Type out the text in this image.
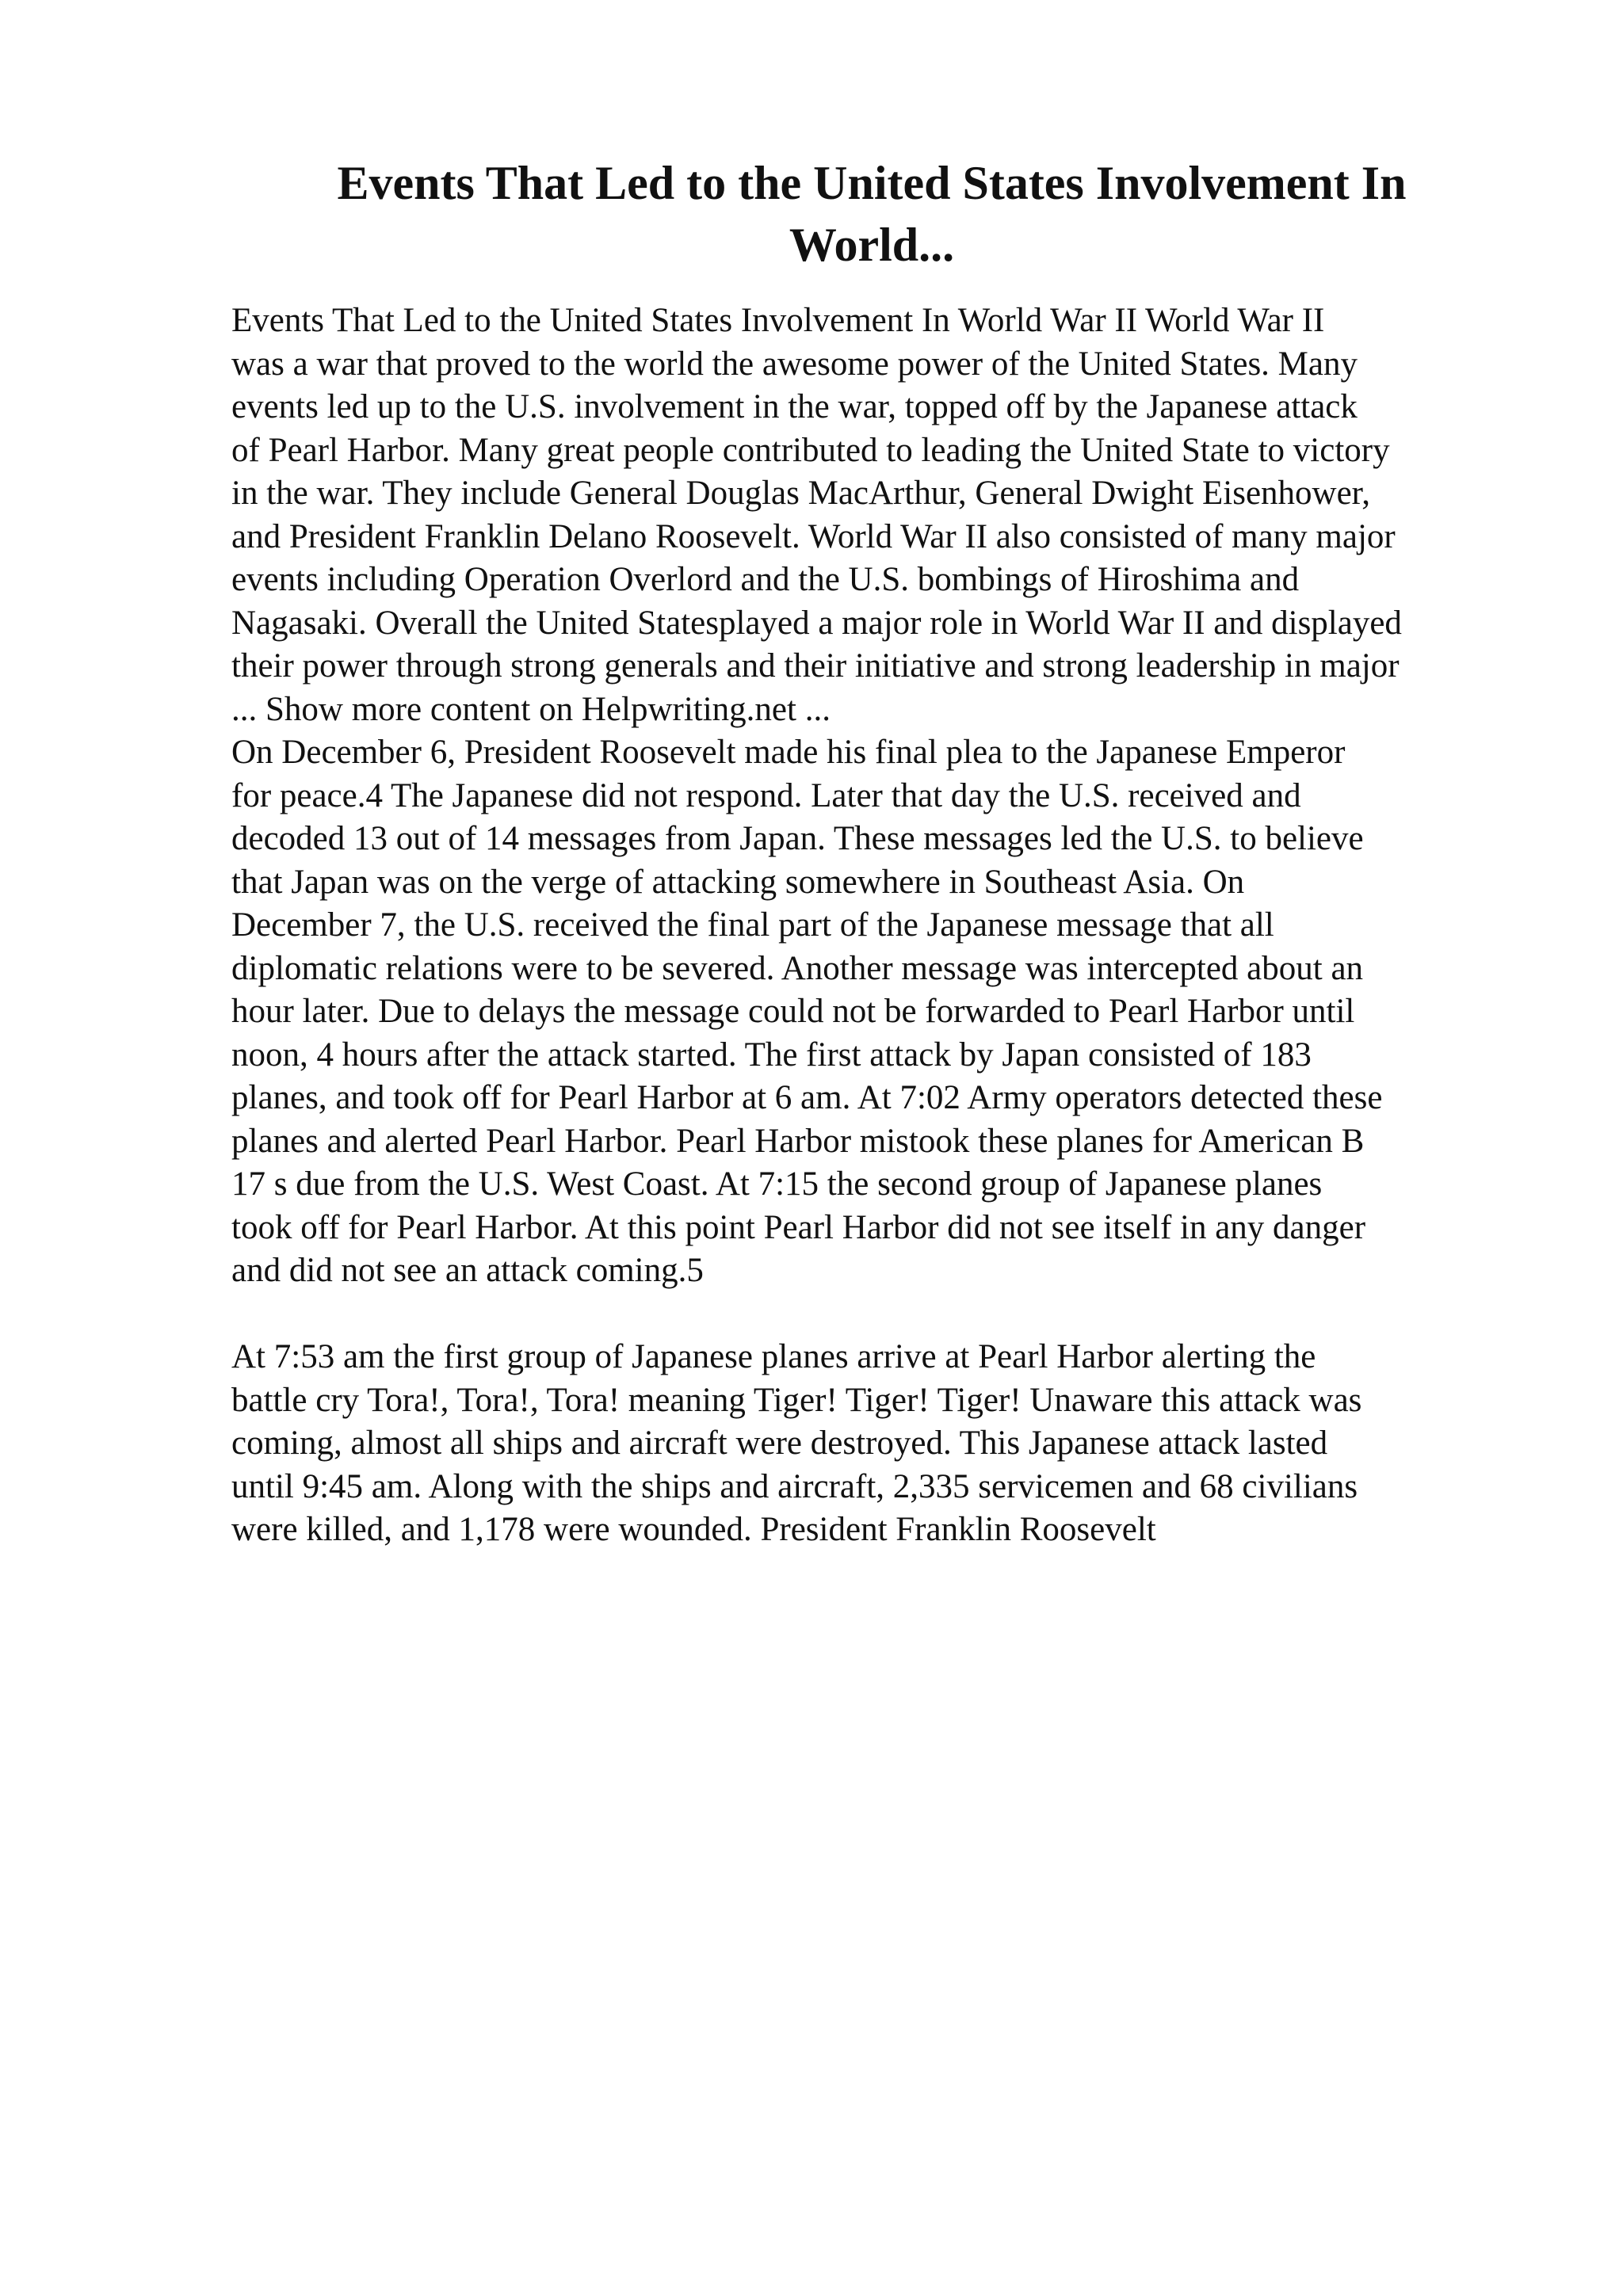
Events That Led to the United States Involvement In World...
Events That Led to the United States Involvement In World War II World War II
was a war that proved to the world the awesome power of the United States. Many
events led up to the U.S. involvement in the war, topped off by the Japanese attack
of Pearl Harbor. Many great people contributed to leading the United State to victory
in the war. They include General Douglas MacArthur, General Dwight Eisenhower,
and President Franklin Delano Roosevelt. World War II also consisted of many major
events including Operation Overlord and the U.S. bombings of Hiroshima and
Nagasaki. Overall the United Statesplayed a major role in World War II and displayed
their power through strong generals and their initiative and strong leadership in major
... Show more content on Helpwriting.net ...
On December 6, President Roosevelt made his final plea to the Japanese Emperor
for peace.4 The Japanese did not respond. Later that day the U.S. received and
decoded 13 out of 14 messages from Japan. These messages led the U.S. to believe
that Japan was on the verge of attacking somewhere in Southeast Asia. On
December 7, the U.S. received the final part of the Japanese message that all
diplomatic relations were to be severed. Another message was intercepted about an
hour later. Due to delays the message could not be forwarded to Pearl Harbor until
noon, 4 hours after the attack started. The first attack by Japan consisted of 183
planes, and took off for Pearl Harbor at 6 am. At 7:02 Army operators detected these
planes and alerted Pearl Harbor. Pearl Harbor mistook these planes for American B
17 s due from the U.S. West Coast. At 7:15 the second group of Japanese planes
took off for Pearl Harbor. At this point Pearl Harbor did not see itself in any danger
and did not see an attack coming.5
At 7:53 am the first group of Japanese planes arrive at Pearl Harbor alerting the
battle cry Tora!, Tora!, Tora! meaning Tiger! Tiger! Tiger! Unaware this attack was
coming, almost all ships and aircraft were destroyed. This Japanese attack lasted
until 9:45 am. Along with the ships and aircraft, 2,335 servicemen and 68 civilians
were killed, and 1,178 were wounded. President Franklin Roosevelt
